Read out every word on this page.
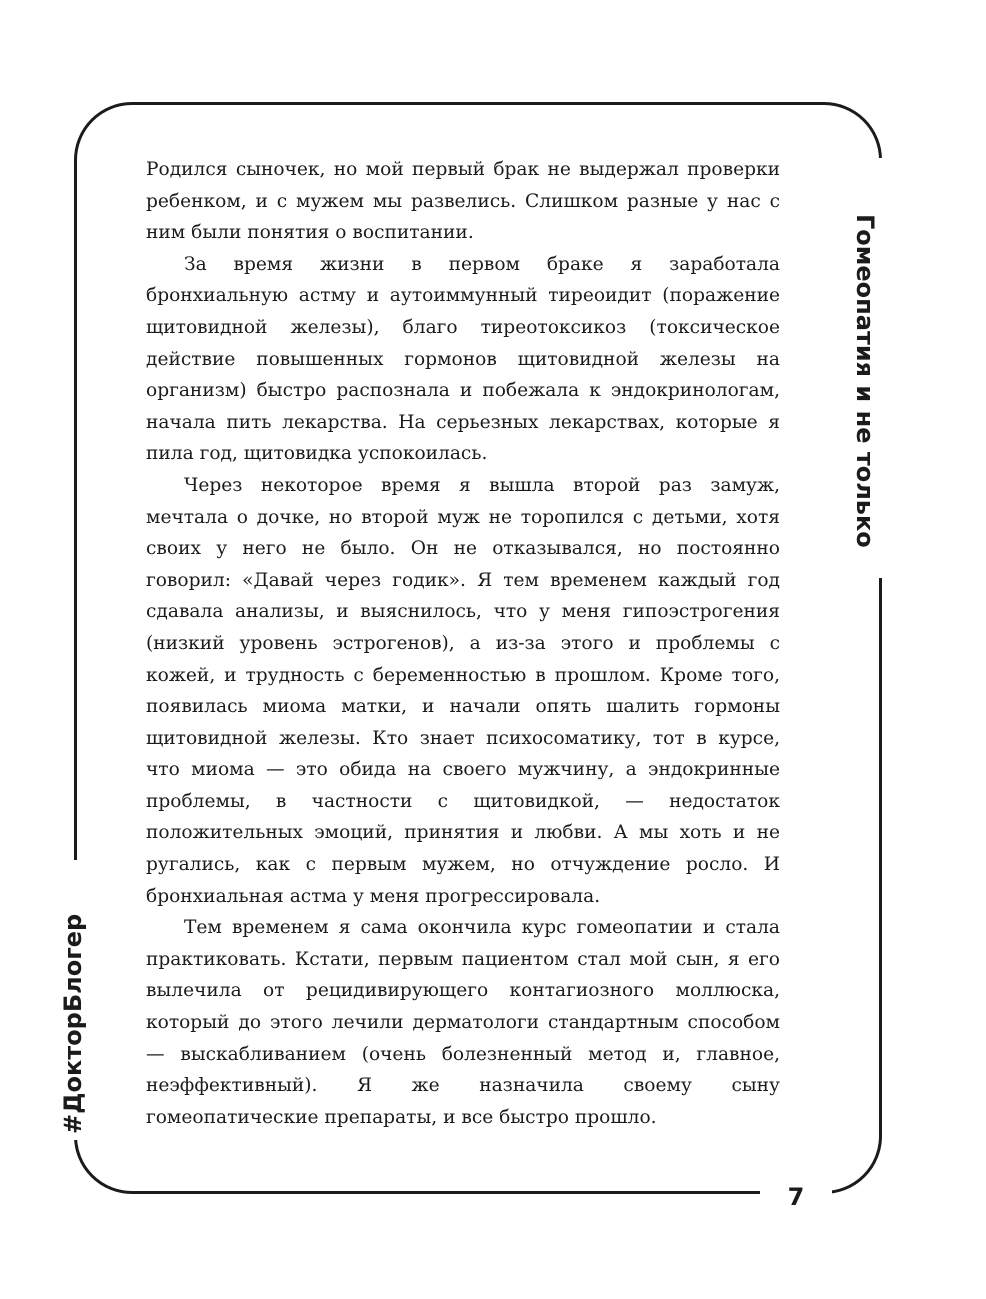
Гомеопатия и не только
#ДокторБлогер
7

Родился сыночек, но мой первый брак не выдержал проверки ребенком, и с мужем мы развелись. Слишком разные у нас с ним были понятия о воспитании.

За время жизни в первом браке я заработала бронхиальную астму и аутоиммунный тиреоидит (поражение щитовидной железы), благо тиреотоксикоз (токсическое действие повышенных гормонов щитовидной железы на организм) быстро распознала и побежала к эндокринологам, начала пить лекарства. На серьезных лекарствах, которые я пила год, щитовидка успокоилась.

Через некоторое время я вышла второй раз замуж, мечтала о дочке, но второй муж не торопился с детьми, хотя своих у него не было. Он не отказывался, но постоянно говорил: «Давай через годик». Я тем временем каждый год сдавала анализы, и выяснилось, что у меня гипоэстрогения (низкий уровень эстрогенов), а из-за этого и проблемы с кожей, и трудность с беременностью в прошлом. Кроме того, появилась миома матки, и начали опять шалить гормоны щитовидной железы. Кто знает психосоматику, тот в курсе, что миома — это обида на своего мужчину, а эндокринные проблемы, в частности с щитовидкой, — недостаток положительных эмоций, принятия и любви. А мы хоть и не ругались, как с первым мужем, но отчуждение росло. И бронхиальная астма у меня прогрессировала.

Тем временем я сама окончила курс гомеопатии и стала практиковать. Кстати, первым пациентом стал мой сын, я его вылечила от рецидивирующего контагиозного моллюска, который до этого лечили дерматологи стандартным способом — выскабливанием (очень болезненный метод и, главное, неэффективный). Я же назначила своему сыну гомеопатические препараты, и все быстро прошло.
